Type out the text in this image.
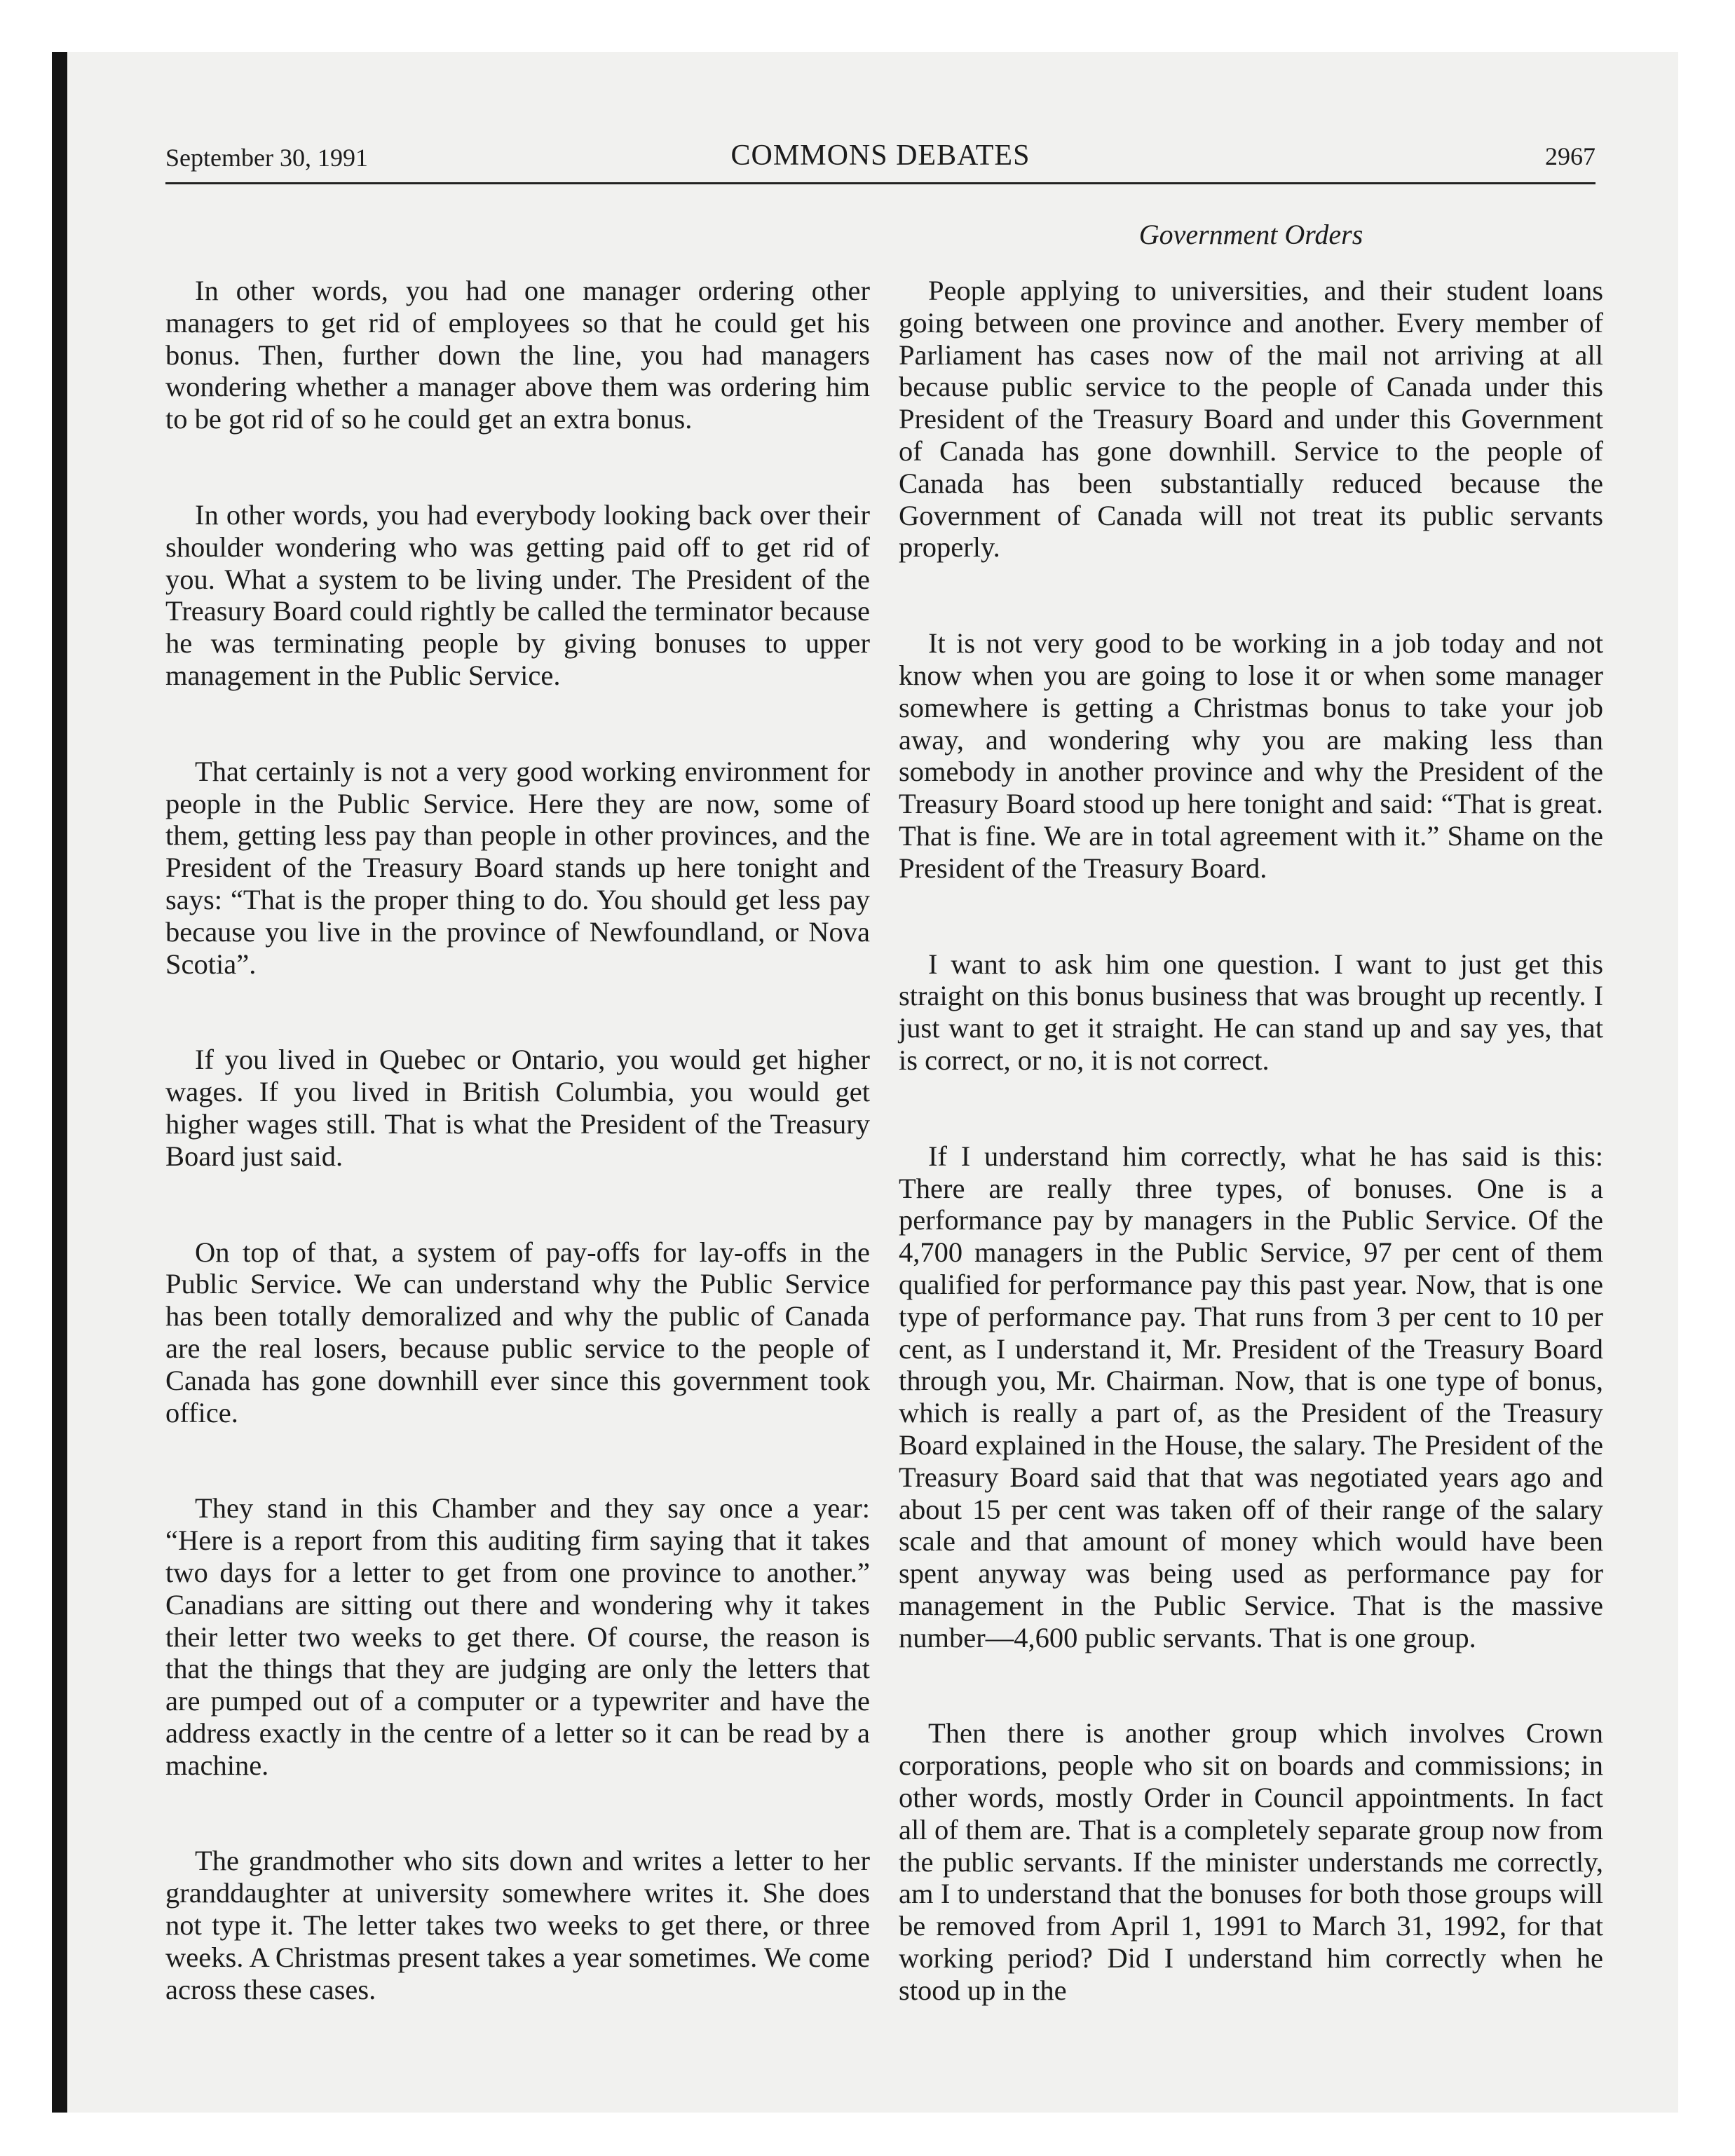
September 30, 1991	COMMONS DEBATES	2967

In other words, you had one manager ordering other managers to get rid of employees so that he could get his bonus. Then, further down the line, you had managers wondering whether a manager above them was ordering him to be got rid of so he could get an extra bonus.

In other words, you had everybody looking back over their shoulder wondering who was getting paid off to get rid of you. What a system to be living under. The President of the Treasury Board could rightly be called the terminator because he was terminating people by giving bonuses to upper management in the Public Service.

That certainly is not a very good working environment for people in the Public Service. Here they are now, some of them, getting less pay than people in other provinces, and the President of the Treasury Board stands up here tonight and says: “That is the proper thing to do. You should get less pay because you live in the province of Newfoundland, or Nova Scotia”.

If you lived in Quebec or Ontario, you would get higher wages. If you lived in British Columbia, you would get higher wages still. That is what the President of the Treasury Board just said.

On top of that, a system of pay-offs for lay-offs in the Public Service. We can understand why the Public Service has been totally demoralized and why the public of Canada are the real losers, because public service to the people of Canada has gone downhill ever since this government took office.

They stand in this Chamber and they say once a year: “Here is a report from this auditing firm saying that it takes two days for a letter to get from one province to another.” Canadians are sitting out there and wondering why it takes their letter two weeks to get there. Of course, the reason is that the things that they are judging are only the letters that are pumped out of a computer or a typewriter and have the address exactly in the centre of a letter so it can be read by a machine.

The grandmother who sits down and writes a letter to her granddaughter at university somewhere writes it. She does not type it. The letter takes two weeks to get there, or three weeks. A Christmas present takes a year sometimes. We come across these cases.

Government Orders

People applying to universities, and their student loans going between one province and another. Every member of Parliament has cases now of the mail not arriving at all because public service to the people of Canada under this President of the Treasury Board and under this Government of Canada has gone downhill. Service to the people of Canada has been substantially reduced because the Government of Canada will not treat its public servants properly.

It is not very good to be working in a job today and not know when you are going to lose it or when some manager somewhere is getting a Christmas bonus to take your job away, and wondering why you are making less than somebody in another province and why the President of the Treasury Board stood up here tonight and said: “That is great. That is fine. We are in total agreement with it.” Shame on the President of the Treasury Board.

I want to ask him one question. I want to just get this straight on this bonus business that was brought up recently. I just want to get it straight. He can stand up and say yes, that is correct, or no, it is not correct.

If I understand him correctly, what he has said is this: There are really three types, of bonuses. One is a performance pay by managers in the Public Service. Of the 4,700 managers in the Public Service, 97 per cent of them qualified for performance pay this past year. Now, that is one type of performance pay. That runs from 3 per cent to 10 per cent, as I understand it, Mr. President of the Treasury Board through you, Mr. Chairman. Now, that is one type of bonus, which is really a part of, as the President of the Treasury Board explained in the House, the salary. The President of the Treasury Board said that that was negotiated years ago and about 15 per cent was taken off of their range of the salary scale and that amount of money which would have been spent anyway was being used as performance pay for management in the Public Service. That is the massive number—4,600 public servants. That is one group.

Then there is another group which involves Crown corporations, people who sit on boards and commissions; in other words, mostly Order in Council appointments. In fact all of them are. That is a completely separate group now from the public servants. If the minister understands me correctly, am I to understand that the bonuses for both those groups will be removed from April 1, 1991 to March 31, 1992, for that working period? Did I understand him correctly when he stood up in the
